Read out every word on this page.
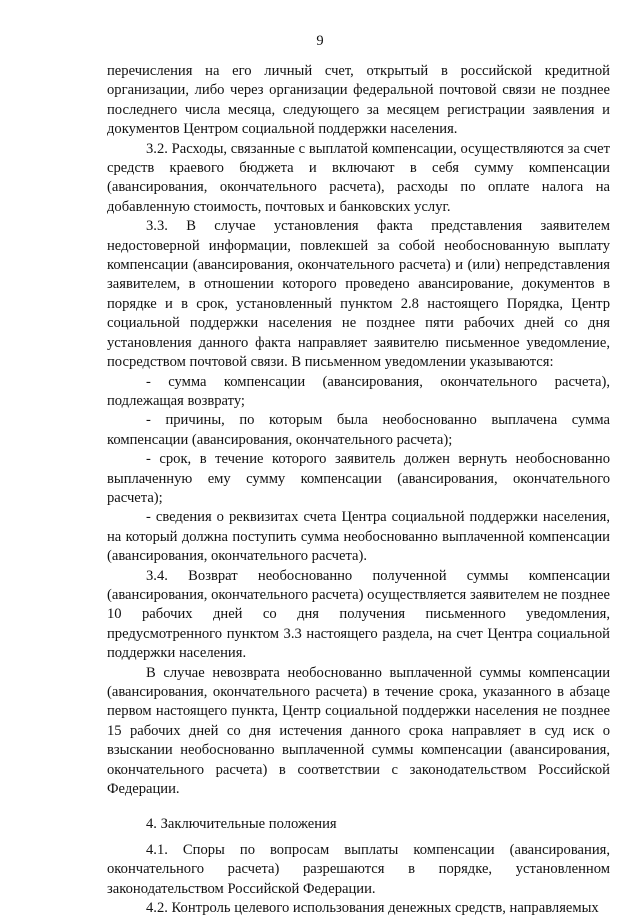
9

перечисления на его личный счет, открытый в российской кредитной организации, либо через организации федеральной почтовой связи не позднее последнего числа месяца, следующего за месяцем регистрации заявления и документов Центром социальной поддержки населения.

3.2. Расходы, связанные с выплатой компенсации, осуществляются за счет средств краевого бюджета и включают в себя сумму компенсации (авансирования, окончательного расчета), расходы по оплате налога на добавленную стоимость, почтовых и банковских услуг.

3.3. В случае установления факта представления заявителем недостоверной информации, повлекшей за собой необоснованную выплату компенсации (авансирования, окончательного расчета) и (или) непредставления заявителем, в отношении которого проведено авансирование, документов в порядке и в срок, установленный пунктом 2.8 настоящего Порядка, Центр социальной поддержки населения не позднее пяти рабочих дней со дня установления данного факта направляет заявителю письменное уведомление, посредством почтовой связи. В письменном уведомлении указываются:

- сумма компенсации (авансирования, окончательного расчета), подлежащая возврату;

- причины, по которым была необоснованно выплачена сумма компенсации (авансирования, окончательного расчета);

- срок, в течение которого заявитель должен вернуть необоснованно выплаченную ему сумму компенсации (авансирования, окончательного расчета);

- сведения о реквизитах счета Центра социальной поддержки населения, на который должна поступить сумма необоснованно выплаченной компенсации (авансирования, окончательного расчета).

3.4. Возврат необоснованно полученной суммы компенсации (авансирования, окончательного расчета) осуществляется заявителем не позднее 10 рабочих дней со дня получения письменного уведомления, предусмотренного пунктом 3.3 настоящего раздела, на счет Центра социальной поддержки населения.

В случае невозврата необоснованно выплаченной суммы компенсации (авансирования, окончательного расчета) в течение срока, указанного в абзаце первом настоящего пункта, Центр социальной поддержки населения не позднее 15 рабочих дней со дня истечения данного срока направляет в суд иск о взыскании необоснованно выплаченной суммы компенсации (авансирования, окончательного расчета) в соответствии с законодательством Российской Федерации.

4. Заключительные положения

4.1. Споры по вопросам выплаты компенсации (авансирования, окончательного расчета) разрешаются в порядке, установленном законодательством Российской Федерации.

4.2. Контроль целевого использования денежных средств, направляемых
